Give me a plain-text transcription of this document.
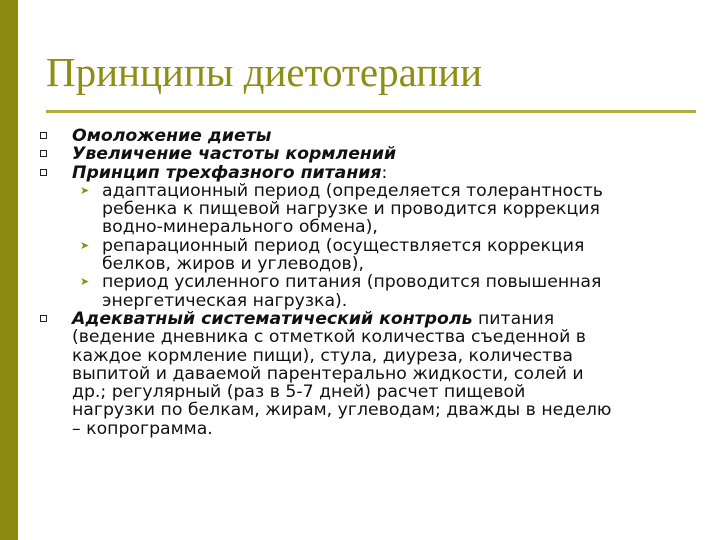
Принципы диетотерапии
Омоложение диеты
Увеличение частоты кормлений
Принцип трехфазного питания:
➤ адаптационный период (определяется толерантность
ребенка к пищевой нагрузке и проводится коррекция
водно-минерального обмена),
➤ репарационный период (осуществляется коррекция
белков, жиров и углеводов),
➤ период усиленного питания (проводится повышенная
энергетическая нагрузка).
Адекватный систематический контроль питания
(ведение дневника с отметкой количества съеденной в
каждое кормление пищи), стула, диуреза, количества
выпитой и даваемой парентерально жидкости, солей и
др.; регулярный (раз в 5-7 дней) расчет пищевой
нагрузки по белкам, жирам, углеводам; дважды в неделю
– копрограмма.
